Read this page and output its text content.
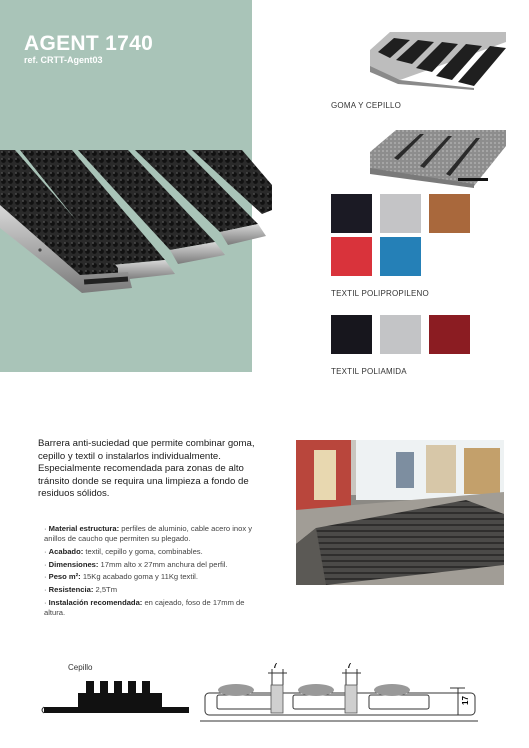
AGENT 1740
ref. CRTT-Agent03
GOMA Y CEPILLO
TEXTIL POLIPROPILENO
TEXTIL POLIAMIDA
Barrera anti-suciedad que permite combinar goma, cepillo y textil o instalarlos individualmente.
Especialmente recomendada para zonas de alto tránsito donde se requira una limpieza a fondo de residuos sólidos.
· Material estructura: perfiles de aluminio, cable acero inox y anillos de caucho que permiten su plegado.
· Acabado: textil, cepillo y goma, combinables.
· Dimensiones: 17mm alto x 27mm anchura del perfil.
· Peso m²: 15Kg acabado goma y 11Kg textil.
· Resistencia: 2,5Tm
· Instalación recomendada: en cajeado, foso de 17mm de altura.
Cepillo	7	7
17
